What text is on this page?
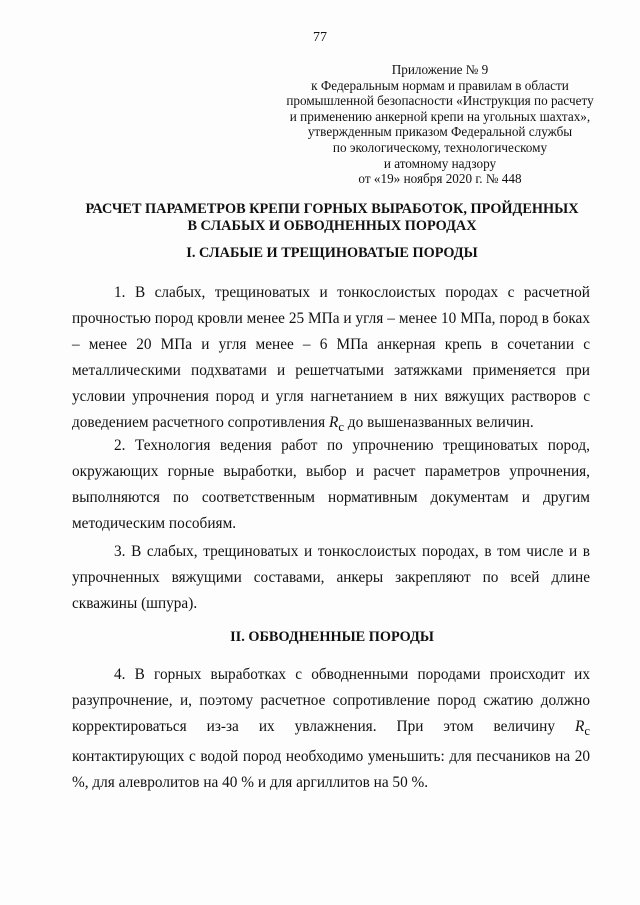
77
Приложение № 9
к Федеральным нормам и правилам в области
промышленной безопасности «Инструкция по расчету
и применению анкерной крепи на угольных шахтах»,
утвержденным приказом Федеральной службы
по экологическому, технологическому
и атомному надзору
от «19» ноября 2020 г. № 448
РАСЧЕТ ПАРАМЕТРОВ КРЕПИ ГОРНЫХ ВЫРАБОТОК, ПРОЙДЕННЫХ
В СЛАБЫХ И ОБВОДНЕННЫХ ПОРОДАХ
I. СЛАБЫЕ И ТРЕЩИНОВАТЫЕ ПОРОДЫ

1. В слабых, трещиноватых и тонкослоистых породах с расчетной прочностью пород кровли менее 25 МПа и угля – менее 10 МПа, пород в боках – менее 20 МПа и угля менее – 6 МПа анкерная крепь в сочетании с металлическими подхватами и решетчатыми затяжками применяется при условии упрочнения пород и угля нагнетанием в них вяжущих растворов с доведением расчетного сопротивления $R_с$ до вышеназванных величин.

2. Технология ведения работ по упрочнению трещиноватых пород, окружающих горные выработки, выбор и расчет параметров упрочнения, выполняются по соответственным нормативным документам и другим методическим пособиям.

3. В слабых, трещиноватых и тонкослоистых породах, в том числе и в упрочненных вяжущими составами, анкеры закрепляют по всей длине скважины (шпура).

II. ОБВОДНЕННЫЕ ПОРОДЫ

4. В горных выработках с обводненными породами происходит их разупрочнение, и, поэтому расчетное сопротивление пород сжатию должно корректироваться из-за их увлажнения. При этом величину $R_с$ контактирующих с водой пород необходимо уменьшить: для песчаников на 20 %, для алевролитов на 40 % и для аргиллитов на 50 %.
